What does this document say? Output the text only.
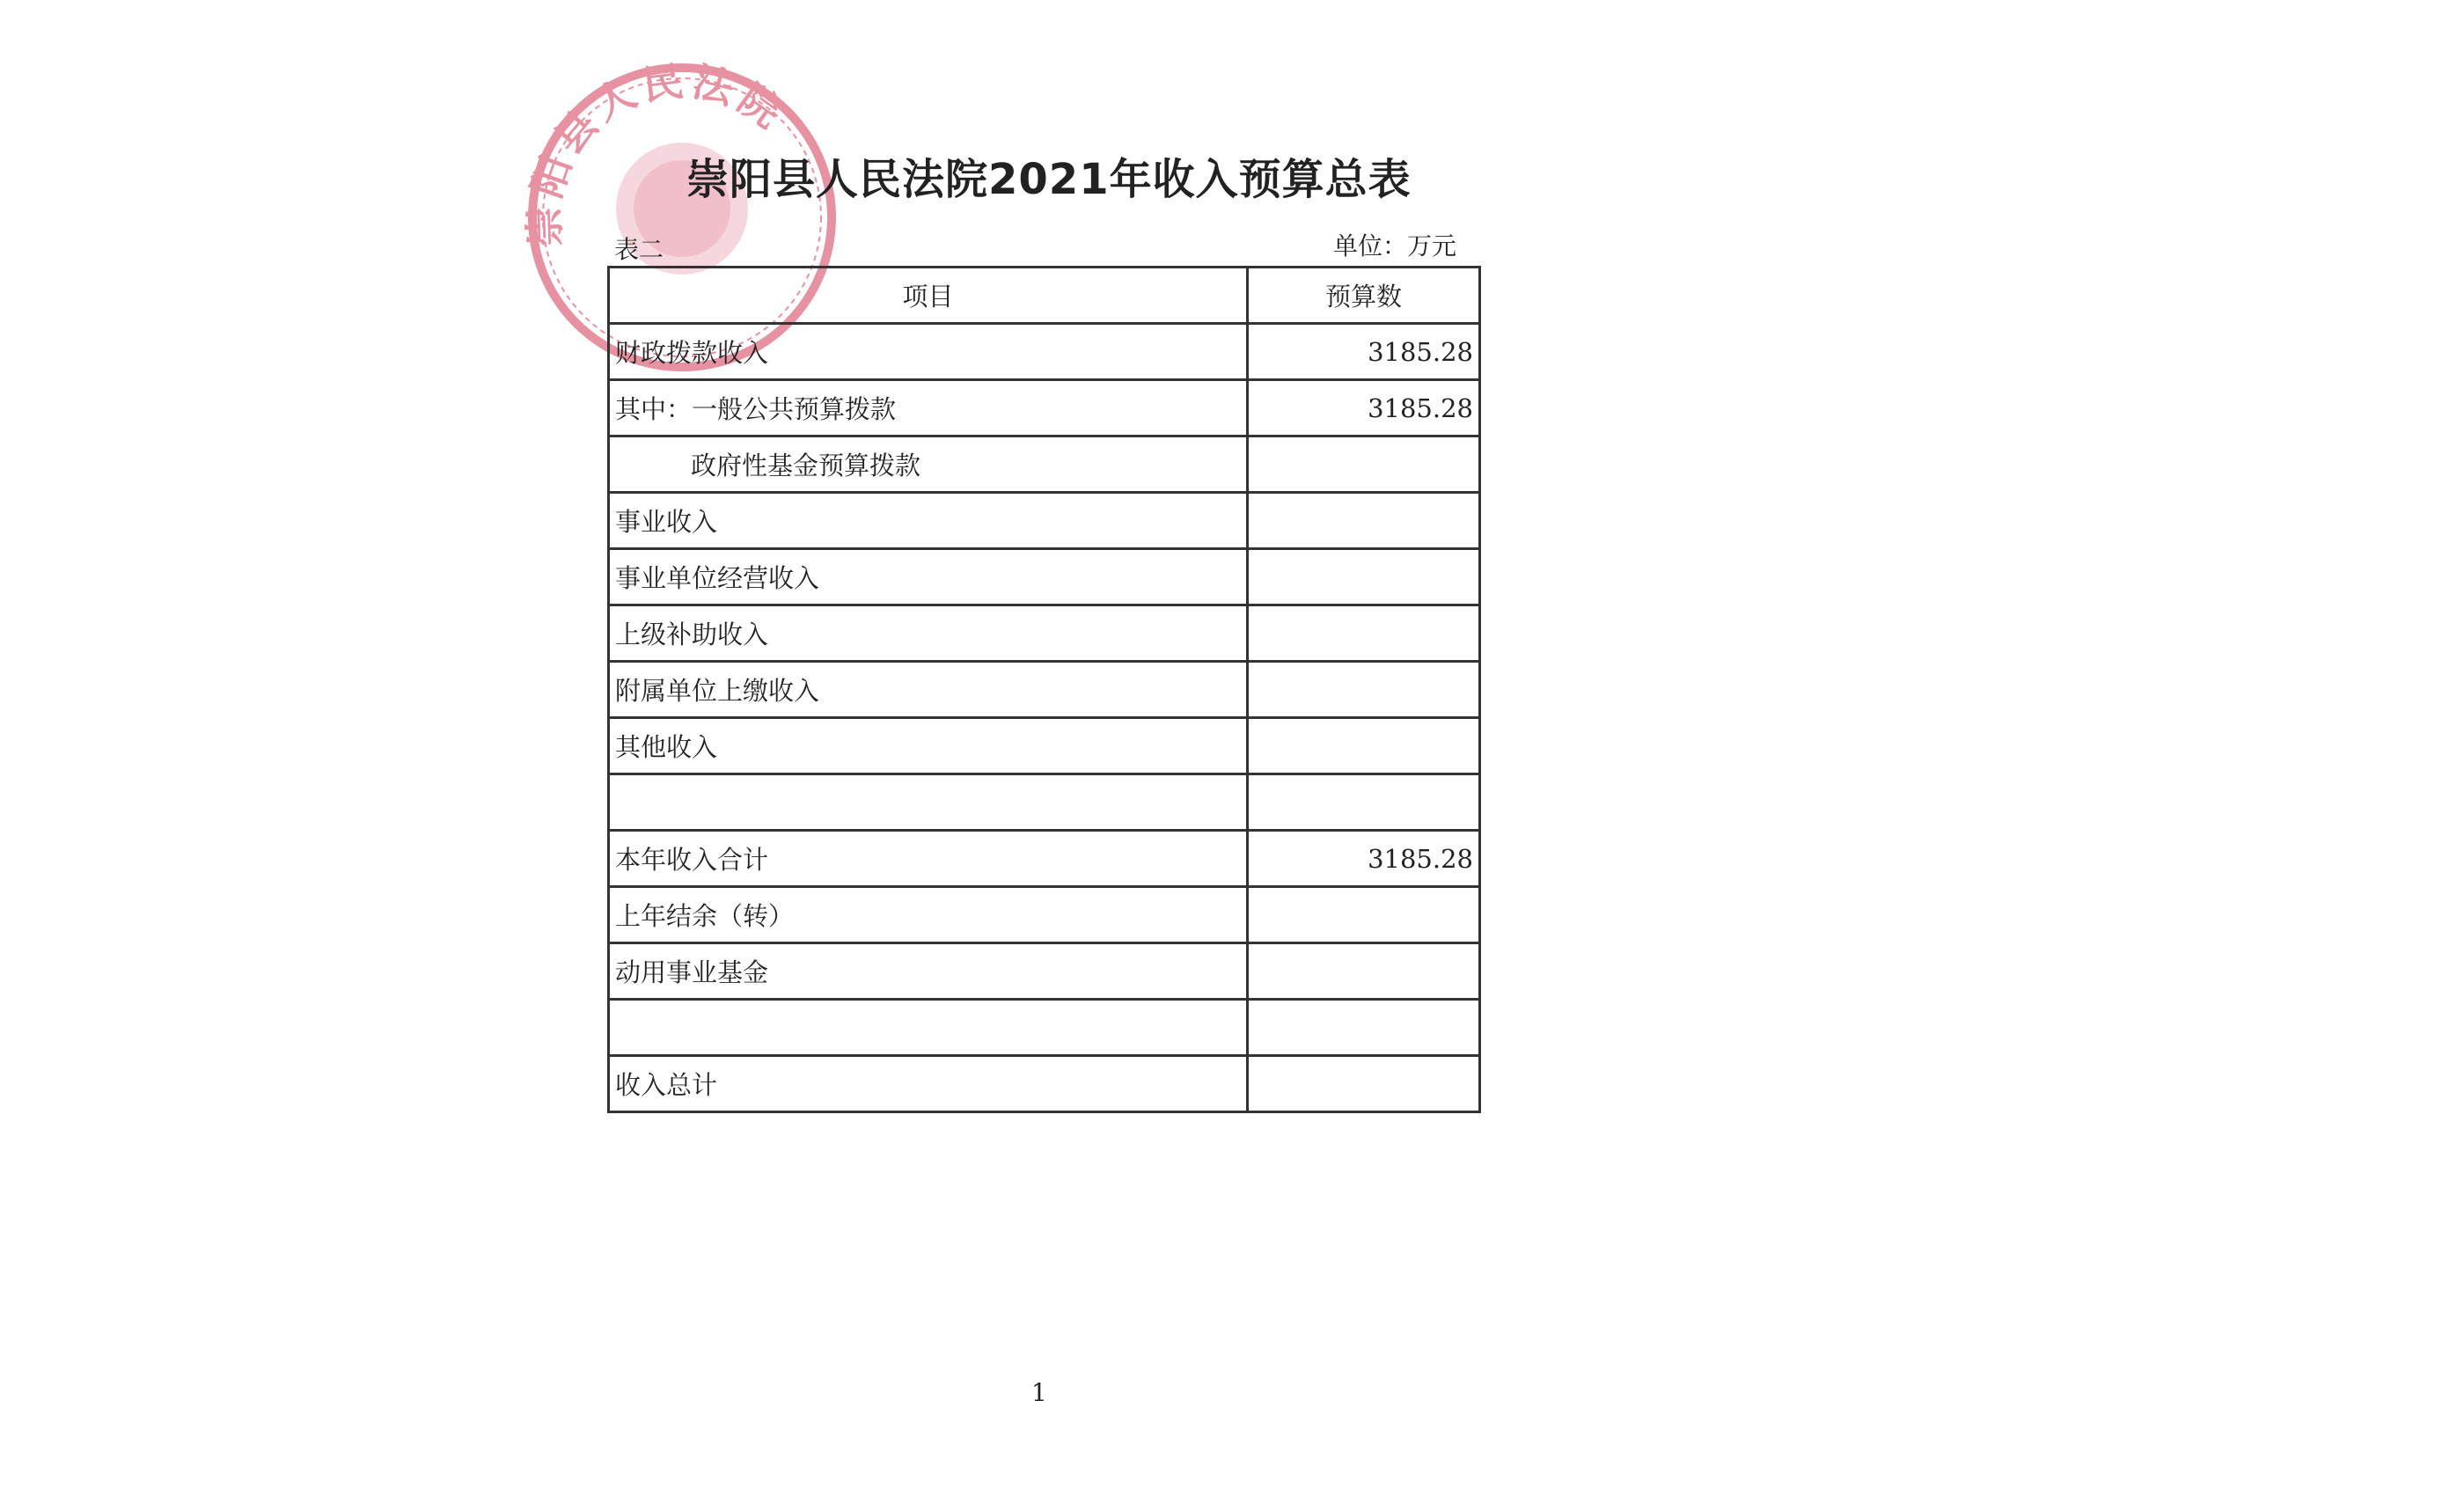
崇阳县人民法院
崇阳县人民法院2021年收入预算总表
表二	单位：万元
项目	预算数
财政拨款收入	3185.28
其中：一般公共预算拨款	3185.28
政府性基金预算拨款	
事业收入	
事业单位经营收入	
上级补助收入	
附属单位上缴收入	
其他收入	

本年收入合计	3185.28
上年结余（转）	
动用事业基金	

收入总计	
1
